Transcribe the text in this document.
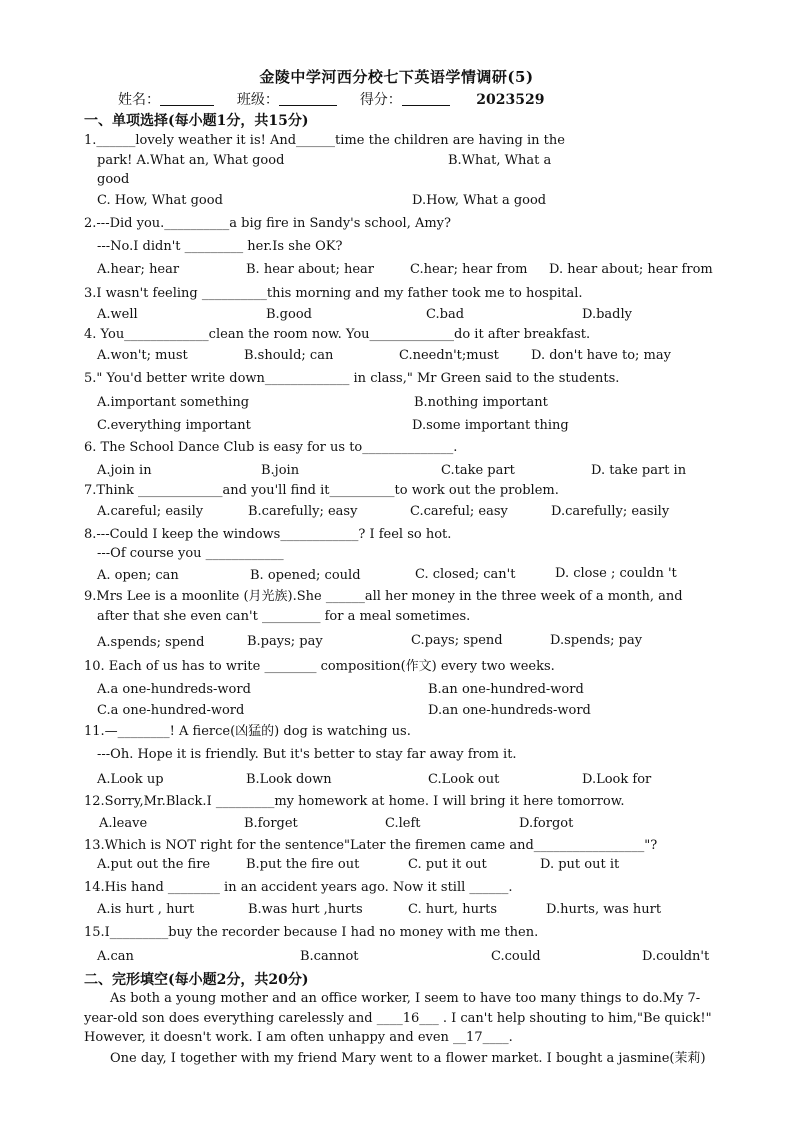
金陵中学河西分校七下英语学情调研(5)
姓名：	班级：	得分：	2023529
一、单项选择(每小题1分，共15分)
1.______lovely weather it is! And______time the children are having in the
park! A.What an, What good	B.What, What a
good
C. How, What good	D.How, What a good
2.---Did you.__________a big fire in Sandy's school, Amy?
---No.I didn't _________ her.Is she OK?
A.hear; hear	B. hear about; hear	C.hear; hear from D. hear about; hear from
3.I wasn't feeling __________this morning and my father took me to hospital.
A.well	B.good	C.bad	D.badly
4. You_____________clean the room now. You_____________do it after breakfast.
A.won't; must	B.should; can	C.needn't;must D. don't have to; may
5." You'd better write down_____________ in class," Mr Green said to the students.
A.important something	B.nothing important
C.everything important	D.some important thing
6. The School Dance Club is easy for us to______________.
A.join in	B.join	C.take part	D. take part in
7.Think _____________and you'll find it__________to work out the problem.
A.careful; easily	B.carefully; easy	C.careful; easy	D.carefully; easily
8.---Could I keep the windows____________? I feel so hot.
---Of course you ____________
A. open; can	B. opened; could	C. closed; can't	D. close ; couldn 't
9.Mrs Lee is a moonlite (月光族).She ______all her money in the three week of a month, and
after that she even can't _________ for a meal sometimes.
A.spends; spend	B.pays; pay	C.pays; spend	D.spends; pay
10. Each of us has to write ________ composition(作文) every two weeks.
A.a one-hundreds-word	B.an one-hundred-word
C.a one-hundred-word	D.an one-hundreds-word
11.—________! A fierce(凶猛的) dog is watching us.
---Oh. Hope it is friendly. But it's better to stay far away from it.
A.Look up	B.Look down	C.Look out	D.Look for
12.Sorry,Mr.Black.I _________my homework at home. I will bring it here tomorrow.
A.leave	B.forget	C.left	D.forgot
13.Which is NOT right for the sentence"Later the firemen came and_________________"?
A.put out the fire	B.put the fire out	C. put it out	D. put out it
14.His hand ________ in an accident years ago. Now it still ______.
A.is hurt , hurt	B.was hurt ,hurts	C. hurt, hurts	D.hurts, was hurt
15.I_________buy the recorder because I had no money with me then.
A.can	B.cannot	C.could	D.couldn't
二、完形填空(每小题2分，共20分)
As both a young mother and an office worker, I seem to have too many things to do.My 7-
year-old son does everything carelessly and ____16___ . I can't help shouting to him,"Be quick!"
However, it doesn't work. I am often unhappy and even __17____.
One day, I together with my friend Mary went to a flower market. I bought a jasmine(茉莉)
